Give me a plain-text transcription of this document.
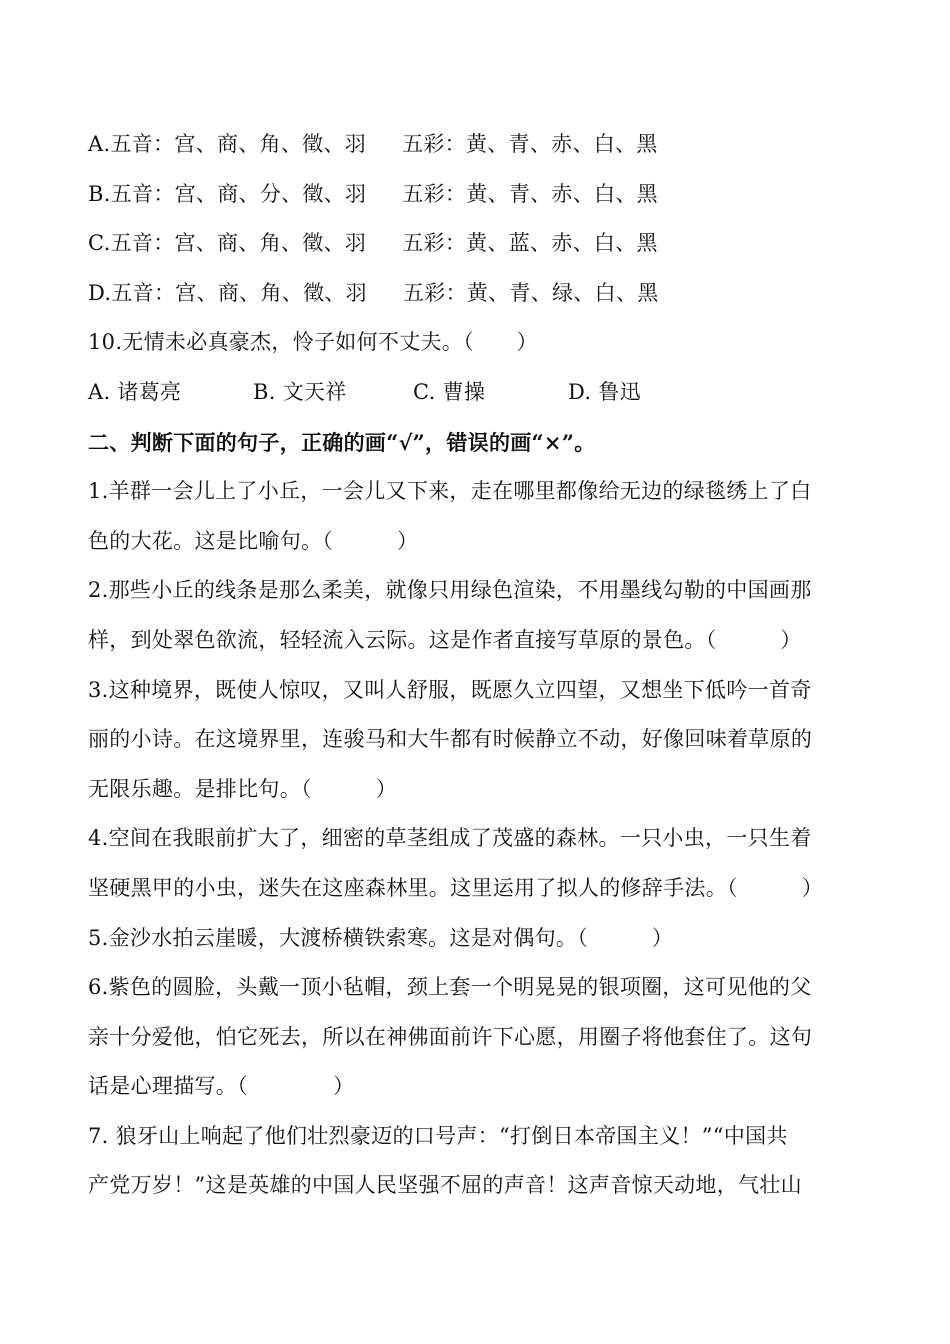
A.五音：宫、商、角、徵、羽 五彩：黄、青、赤、白、黑
B.五音：宫、商、分、徵、羽 五彩：黄、青、赤、白、黑
C.五音：宫、商、角、徵、羽 五彩：黄、蓝、赤、白、黑
D.五音：宫、商、角、徵、羽 五彩：黄、青、绿、白、黑
10.无情未必真豪杰，怜子如何不丈夫。（　　）
A. 诸葛亮	B. 文天祥	C. 曹操	D. 鲁迅
二、判断下面的句子，正确的画“√”，错误的画“×”。
1.羊群一会儿上了小丘，一会儿又下来，走在哪里都像给无边的绿毯绣上了白
色的大花。这是比喻句。（　　　）
2.那些小丘的线条是那么柔美，就像只用绿色渲染，不用墨线勾勒的中国画那
样，到处翠色欲流，轻轻流入云际。这是作者直接写草原的景色。（　　　）
3.这种境界，既使人惊叹，又叫人舒服，既愿久立四望，又想坐下低吟一首奇
丽的小诗。在这境界里，连骏马和大牛都有时候静立不动，好像回味着草原的
无限乐趣。是排比句。（　　　）
4.空间在我眼前扩大了，细密的草茎组成了茂盛的森林。一只小虫，一只生着
坚硬黑甲的小虫，迷失在这座森林里。这里运用了拟人的修辞手法。（　　　）
5.金沙水拍云崖暖，大渡桥横铁索寒。这是对偶句。（　　　）
6.紫色的圆脸，头戴一顶小毡帽，颈上套一个明晃晃的银项圈，这可见他的父
亲十分爱他，怕它死去，所以在神佛面前许下心愿，用圈子将他套住了。这句
话是心理描写。（　　　　）
7. 狼牙山上响起了他们壮烈豪迈的口号声：“打倒日本帝国主义！”“中国共
产党万岁！”这是英雄的中国人民坚强不屈的声音！这声音惊天动地，气壮山
